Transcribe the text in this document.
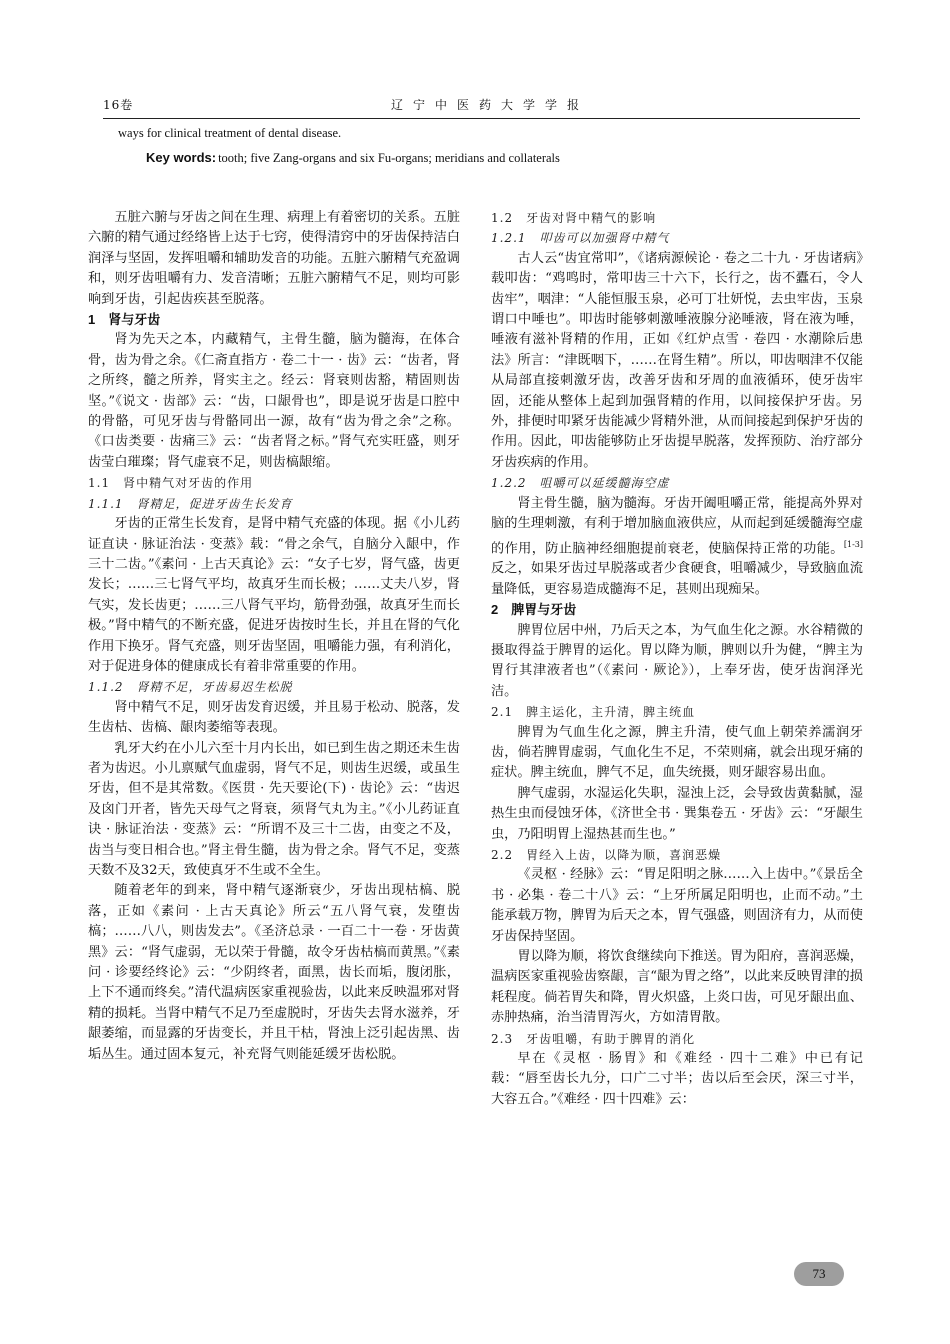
16卷	辽宁中医药大学学报
ways for clinical treatment of dental disease.
Key words: tooth; five Zang-organs and six Fu-organs; meridians and collaterals

五脏六腑与牙齿之间在生理、病理上有着密切的关系。五脏六腑的精气通过经络皆上达于七窍，使得清窍中的牙齿保持洁白润泽与坚固，发挥咀嚼和辅助发音的功能。五脏六腑精气充盈调和，则牙齿咀嚼有力、发音清晰；五脏六腑精气不足，则均可影响到牙齿，引起齿疾甚至脱落。

1　肾与牙齿

肾为先天之本，内藏精气，主骨生髓，脑为髓海，在体合骨，齿为骨之余。《仁斋直指方 · 卷二十一 · 齿》云：“齿者，肾之所终，髓之所养，肾实主之。经云：肾衰则齿豁，精固则齿坚。”《说文 · 齿部》云：“齿，口龈骨也”，即是说牙齿是口腔中的骨骼，可见牙齿与骨骼同出一源，故有“齿为骨之余”之称。《口齿类要 · 齿痛三》云：“齿者肾之标。”肾气充实旺盛，则牙齿莹白璀璨；肾气虚衰不足，则齿槁龈缩。

1.1　肾中精气对牙齿的作用
1.1.1　肾精足，促进牙齿生长发育

牙齿的正常生长发育，是肾中精气充盛的体现。据《小儿药证直诀 · 脉证治法 · 变蒸》载：“骨之余气，自脑分入龈中，作三十二齿。”《素问 · 上古天真论》云：“女子七岁，肾气盛，齿更发长；……三七肾气平均，故真牙生而长极；……丈夫八岁，肾气实，发长齿更；……三八肾气平均，筋骨劲强，故真牙生而长极。”肾中精气的不断充盛，促进牙齿按时生长，并且在肾的气化作用下换牙。肾气充盛，则牙齿坚固，咀嚼能力强，有利消化，对于促进身体的健康成长有着非常重要的作用。

1.1.2　肾精不足，牙齿易迟生松脱

肾中精气不足，则牙齿发育迟缓，并且易于松动、脱落，发生齿枯、齿槁、龈肉萎缩等表现。

乳牙大约在小儿六至十月内长出，如已到生齿之期还未生齿者为齿迟。小儿禀赋气血虚弱，肾气不足，则齿生迟缓，或虽生牙齿，但不是其常数。《医贯 · 先天要论(下) · 齿论》云：“齿迟及囟门开者，皆先天母气之肾衰，须肾气丸为主。”《小儿药证直诀 · 脉证治法 · 变蒸》云：“所谓不及三十二齿，由变之不及，齿当与变日相合也。”肾主骨生髓，齿为骨之余。肾气不足，变蒸天数不及32天，致使真牙不生或不全生。

随着老年的到来，肾中精气逐渐衰少，牙齿出现枯槁、脱落，正如《素问 · 上古天真论》所云“五八肾气衰，发堕齿槁；……八八，则齿发去”。《圣济总录 · 一百二十一卷 · 牙齿黄黑》云：“肾气虚弱，无以荣于骨髓，故令牙齿枯槁而黄黑。”《素问 · 诊要经终论》云：“少阴终者，面黑，齿长而垢，腹闭胀，上下不通而终矣。”清代温病医家重视验齿，以此来反映温邪对肾精的损耗。当肾中精气不足乃至虚脱时，牙齿失去肾水滋养，牙龈萎缩，而显露的牙齿变长，并且干枯，肾浊上泛引起齿黑、齿垢丛生。通过固本复元，补充肾气则能延缓牙齿松脱。

1.2　牙齿对肾中精气的影响
1.2.1　叩齿可以加强肾中精气

古人云“齿宜常叩”，《诸病源候论 · 卷之二十九 · 牙齿诸病》载叩齿：“鸡鸣时，常叩齿三十六下，长行之，齿不蠹石，令人齿牢”，咽津：“人能恒服玉泉，必可丁壮妍悦，去虫牢齿，玉泉谓口中唾也”。叩齿时能够刺激唾液腺分泌唾液，肾在液为唾，唾液有滋补肾精的作用，正如《红炉点雪 · 卷四 · 水潮除后患法》所言：“津既咽下，……在肾生精”。所以，叩齿咽津不仅能从局部直接刺激牙齿，改善牙齿和牙周的血液循环，使牙齿牢固，还能从整体上起到加强肾精的作用，以间接保护牙齿。另外，排便时叩紧牙齿能减少肾精外泄，从而间接起到保护牙齿的作用。因此，叩齿能够防止牙齿提早脱落，发挥预防、治疗部分牙齿疾病的作用。

1.2.2　咀嚼可以延缓髓海空虚

肾主骨生髓，脑为髓海。牙齿开阖咀嚼正常，能提高外界对脑的生理刺激，有利于增加脑血液供应，从而起到延缓髓海空虚的作用，防止脑神经细胞提前衰老，使脑保持正常的功能。[1-3]反之，如果牙齿过早脱落或者少食硬食，咀嚼减少，导致脑血流量降低，更容易造成髓海不足，甚则出现痴呆。

2　脾胃与牙齿

脾胃位居中州，乃后天之本，为气血生化之源。水谷精微的摄取得益于脾胃的运化。胃以降为顺，脾则以升为健，“脾主为胃行其津液者也”（《素问 · 厥论》），上奉牙齿，使牙齿润泽光洁。

2.1　脾主运化，主升清，脾主统血

脾胃为气血生化之源，脾主升清，使气血上朝荣养濡润牙齿，倘若脾胃虚弱，气血化生不足，不荣则痛，就会出现牙痛的症状。脾主统血，脾气不足，血失统摄，则牙龈容易出血。

脾气虚弱，水湿运化失职，湿浊上泛，会导致齿黄黏腻，湿热生虫而侵蚀牙体，《济世全书 · 巽集卷五 · 牙齿》云：“牙龈生虫，乃阳明胃上湿热甚而生也。”

2.2　胃经入上齿，以降为顺，喜润恶燥

《灵枢 · 经脉》云：“胃足阳明之脉……入上齿中。”《景岳全书 · 必集 · 卷二十八》云：“上牙所属足阳明也，止而不动。”土能承载万物，脾胃为后天之本，胃气强盛，则固济有力，从而使牙齿保持坚固。

胃以降为顺，将饮食继续向下推送。胃为阳府，喜润恶燥，温病医家重视验齿察龈，言“龈为胃之络”，以此来反映胃津的损耗程度。倘若胃失和降，胃火炽盛，上炎口齿，可见牙龈出血、赤肿热痛，治当清胃泻火，方如清胃散。

2.3　牙齿咀嚼，有助于脾胃的消化

早在《灵枢 · 肠胃》和《难经 · 四十二难》中已有记载：“唇至齿长九分，口广二寸半；齿以后至会厌，深三寸半，大容五合。”《难经 · 四十四难》云：

73
